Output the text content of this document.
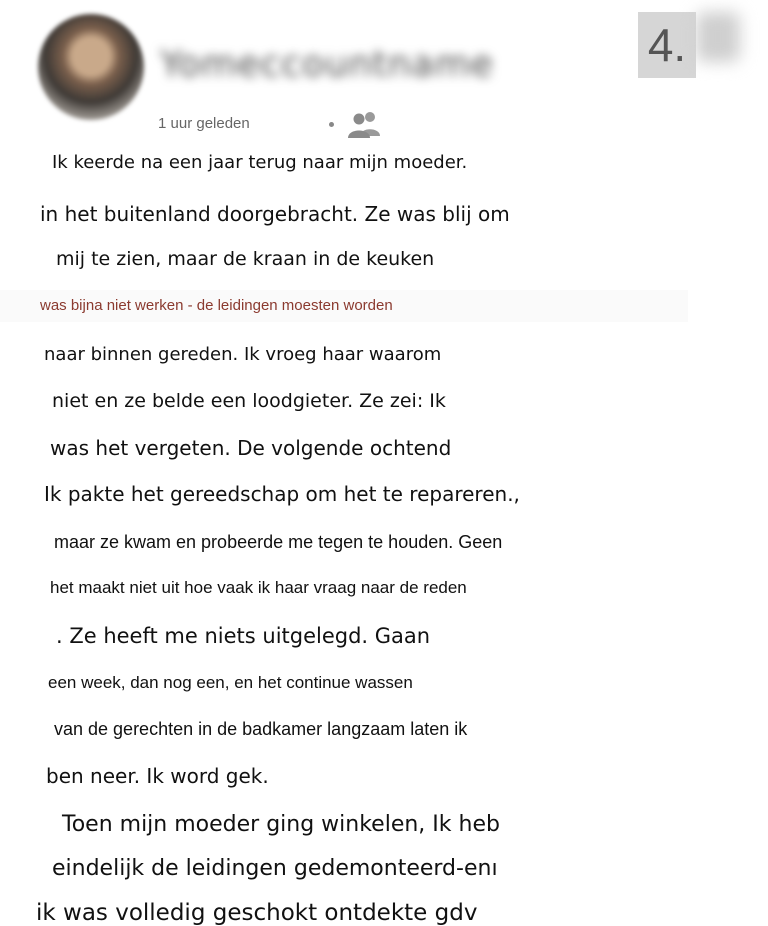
Yomeccountname
1 uur geleden
4.
Ik keerde na een jaar terug naar mijn moeder.
in het buitenland doorgebracht. Ze was blij om
mij te zien, maar de kraan in de keuken
was bijna niet werken - de leidingen moesten worden
naar binnen gereden. Ik vroeg haar waarom
niet en ze belde een loodgieter. Ze zei: Ik
was het vergeten. De volgende ochtend
Ik pakte het gereedschap om het te repareren.,
maar ze kwam en probeerde me tegen te houden. Geen
het maakt niet uit hoe vaak ik haar vraag naar de reden
. Ze heeft me niets uitgelegd. Gaan
een week, dan nog een, en het continue wassen
van de gerechten in de badkamer langzaam laten ik
ben neer. Ik word gek.
Toen mijn moeder ging winkelen, Ik heb
eindelijk de leidingen gedemonteerd-enı
ik was volledig geschokt ontdekte gdv
